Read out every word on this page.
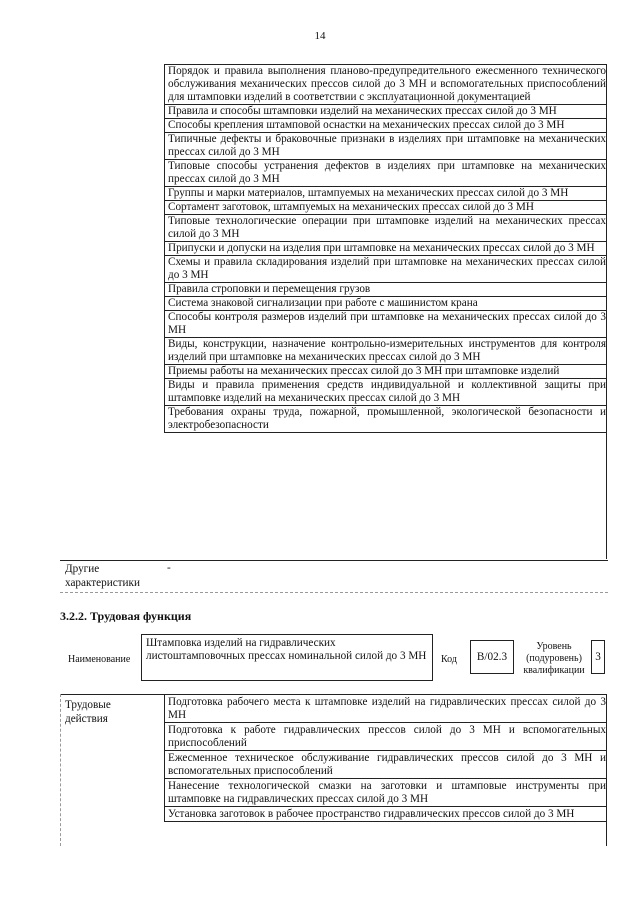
14
Порядок и правила выполнения планово-предупредительного ежесменного технического обслуживания механических прессов силой до 3 МН и вспомогательных приспособлений для штамповки изделий в соответствии с эксплуатационной документацией
Правила и способы штамповки изделий на механических прессах силой до 3 МН
Способы крепления штамповой оснастки на механических прессах силой до 3 МН
Типичные дефекты и браковочные признаки в изделиях при штамповке на механических прессах силой до 3 МН
Типовые способы устранения дефектов в изделиях при штамповке на механических прессах силой до 3 МН
Группы и марки материалов, штампуемых на механических прессах силой до 3 МН
Сортамент заготовок, штампуемых на механических прессах силой до 3 МН
Типовые технологические операции при штамповке изделий на механических прессах силой до 3 МН
Припуски и допуски на изделия при штамповке на механических прессах силой до 3 МН
Схемы и правила складирования изделий при штамповке на механических прессах силой до 3 МН
Правила строповки и перемещения грузов
Система знаковой сигнализации при работе с машинистом крана
Способы контроля размеров изделий при штамповке на механических прессах силой до 3 МН
Виды, конструкции, назначение контрольно-измерительных инструментов для контроля изделий при штамповке на механических прессах силой до 3 МН
Приемы работы на механических прессах силой до 3 МН при штамповке изделий
Виды и правила применения средств индивидуальной и коллективной защиты при штамповке изделий на механических прессах силой до 3 МН
Требования охраны труда, пожарной, промышленной, экологической безопасности и электробезопасности
Другие характеристики
-
3.2.2. Трудовая функция
Наименование
Штамповка изделий на гидравлических листоштамповочных прессах номинальной силой до 3 МН	Код	B/02.3
Уровень (подуровень) квалификации
3
Трудовые действия
Подготовка рабочего места к штамповке изделий на гидравлических прессах силой до 3 МН
Подготовка к работе гидравлических прессов силой до 3 МН и вспомогательных приспособлений
Ежесменное техническое обслуживание гидравлических прессов силой до 3 МН и вспомогательных приспособлений
Нанесение технологической смазки на заготовки и штамповые инструменты при штамповке на гидравлических прессах силой до 3 МН
Установка заготовок в рабочее пространство гидравлических прессов силой до 3 МН
